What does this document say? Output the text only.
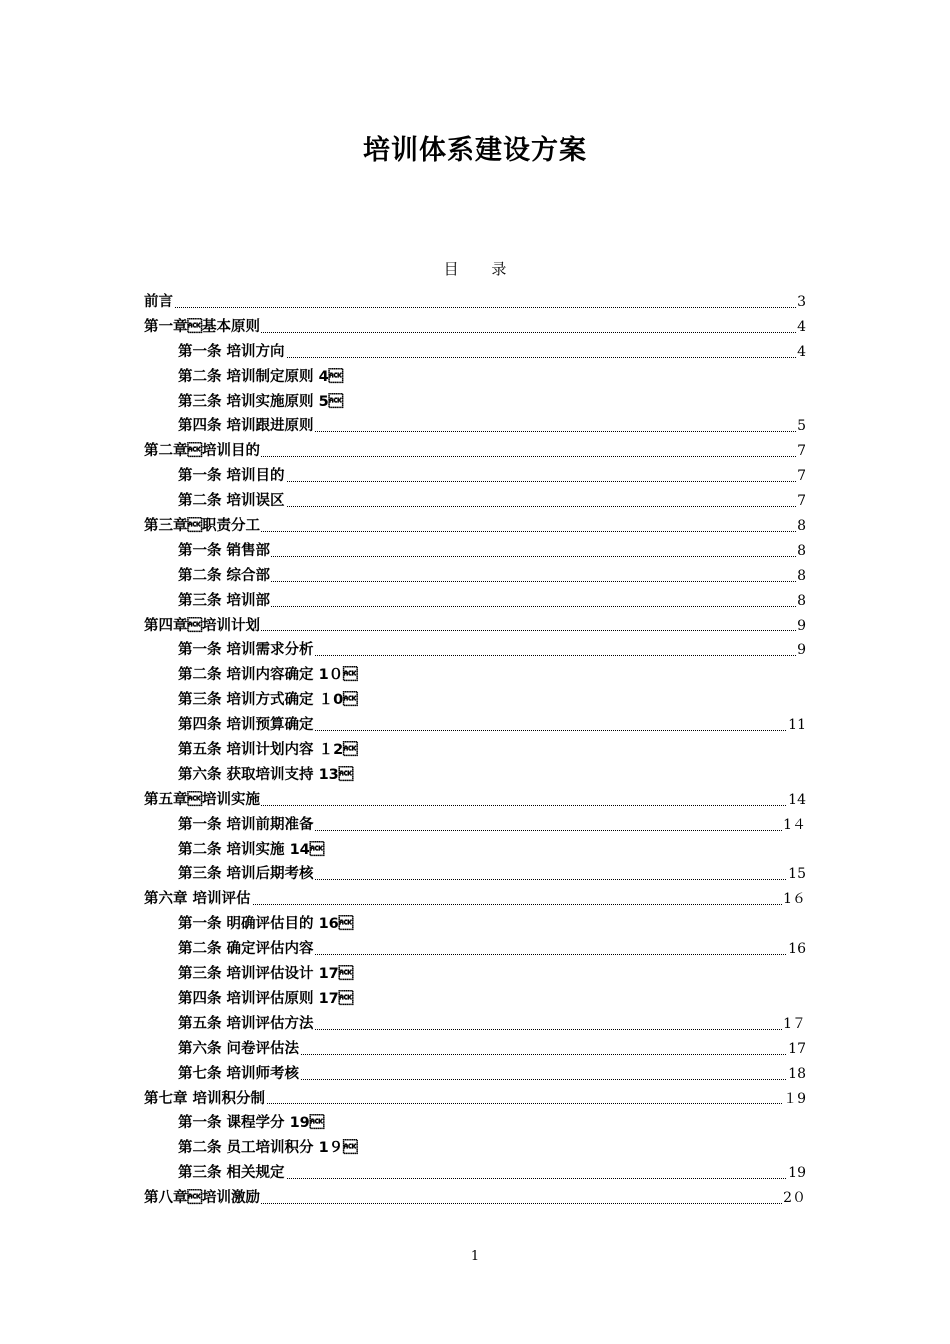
培训体系建设方案
目 录
前言	3
第一章基本原则	4
第一条 培训方向	4
第二条 培训制定原则 4
第三条 培训实施原则 5
第四条 培训跟进原则	5
第二章培训目的	7
第一条 培训目的	7
第二条 培训误区	7
第三章职责分工	8
第一条 销售部	8
第二条 综合部	8
第三条 培训部	8
第四章培训计划	9
第一条 培训需求分析	9
第二条 培训内容确定 1０
第三条 培训方式确定 １0
第四条 培训预算确定	11
第五条 培训计划内容 １2
第六条 获取培训支持 13
第五章培训实施	14
第一条 培训前期准备	1４
第二条 培训实施 14
第三条 培训后期考核	15
第六章 培训评估	1６
第一条 明确评估目的 16
第二条 确定评估内容	16
第三条 培训评估设计 17
第四条 培训评估原则 17
第五条 培训评估方法	1７
第六条 问卷评估法	17
第七条 培训师考核	18
第七章 培训积分制	１9
第一条 课程学分 19
第二条 员工培训积分 1９
第三条 相关规定	19
第八章培训激励	2０
1
